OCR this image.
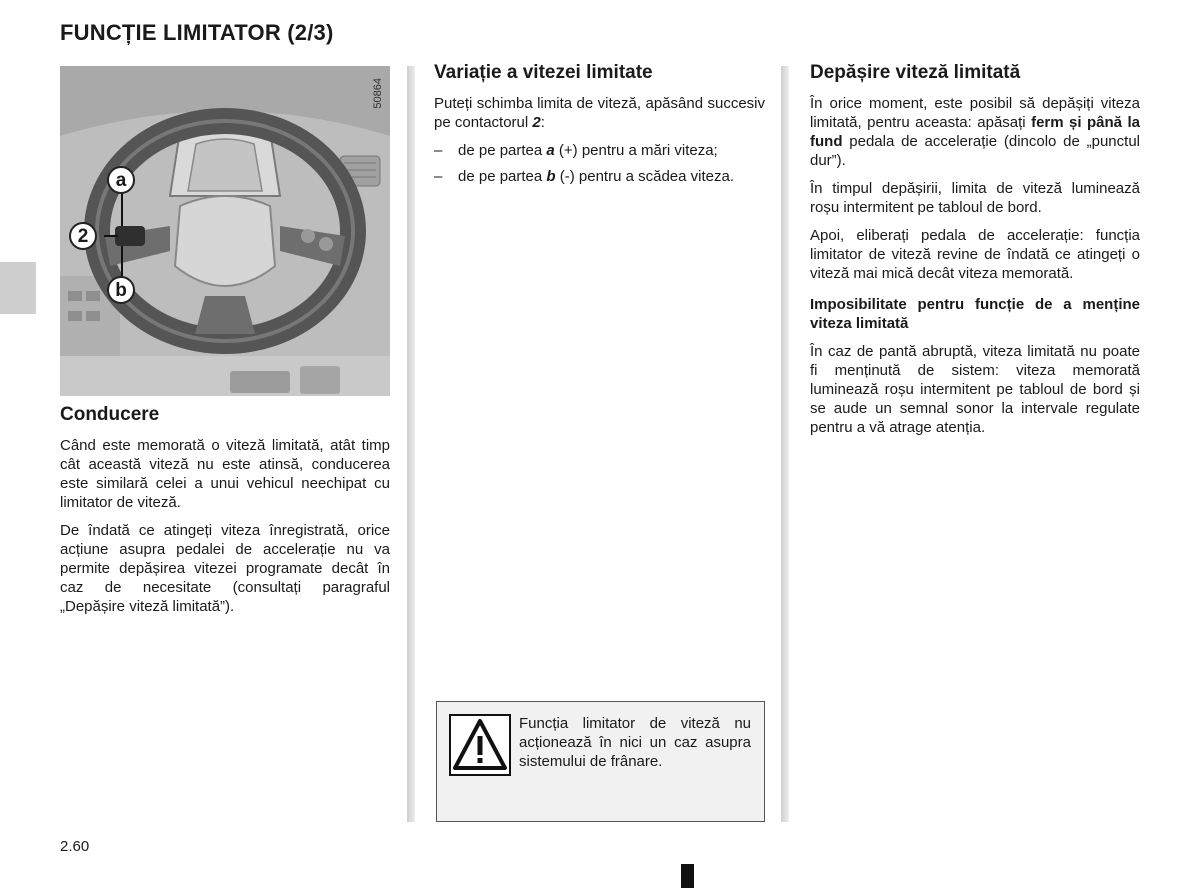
FUNCȚIE LIMITATOR (2/3)
50864
a
2
b
Conducere

Când este memorată o viteză limitată, atât timp cât această viteză nu este atinsă, conducerea este similară celei a unui vehicul neechipat cu limitator de viteză.

De îndată ce atingeți viteza înregistrată, orice acțiune asupra pedalei de accelerație nu va permite depășirea vitezei programate decât în caz de necesitate (consultați paragraful „Depășire viteză limitată”).

Variație a vitezei limitate

Puteți schimba limita de viteză, apăsând succesiv pe contactorul 2:

– de pe partea a (+) pentru a mări viteza;
– de pe partea b (-) pentru a scădea viteza.
Depășire viteză limitată

În orice moment, este posibil să depășiți viteza limitată, pentru aceasta: apăsați ferm și până la fund pedala de accelerație (dincolo de „punctul dur”).

În timpul depășirii, limita de viteză luminează roșu intermitent pe tabloul de bord.

Apoi, eliberați pedala de accelerație: funcția limitator de viteză revine de îndată ce atingeți o viteză mai mică decât viteza memorată.

Imposibilitate pentru funcție de a menține viteza limitată

În caz de pantă abruptă, viteza limitată nu poate fi menținută de sistem: viteza memorată luminează roșu intermitent pe tabloul de bord și se aude un semnal sonor la intervale regulate pentru a vă atrage atenția.

Funcția limitator de viteză nu acționează în nici un caz asupra sistemului de frânare.

2.60
